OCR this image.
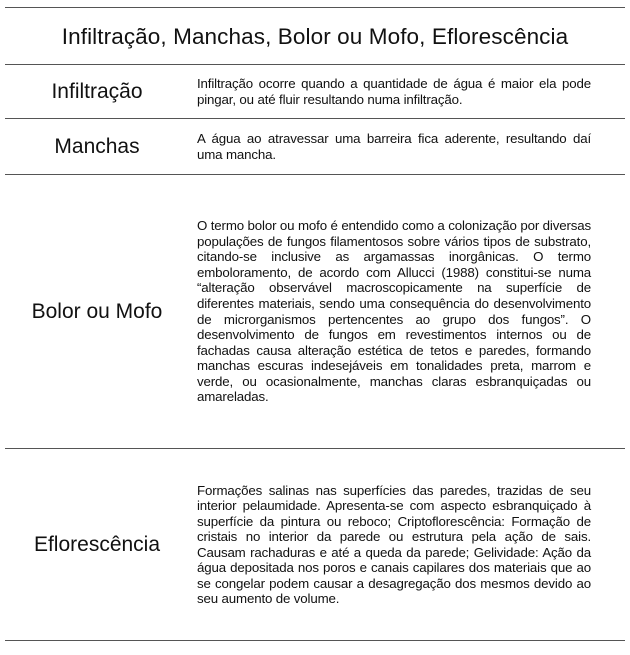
Infiltração, Manchas, Bolor ou Mofo, Eflorescência
Infiltração	Infiltração ocorre quando a quantidade de água é maior ela pode pingar, ou até fluir resultando numa infiltração.
Manchas	A água ao atravessar uma barreira fica aderente, resultando daí uma mancha.
Bolor ou Mofo
O termo bolor ou mofo é entendido como a colonização por diversas populações de fungos filamentosos sobre vários tipos de substrato, citando-se inclusive as argamassas inorgânicas. O termo emboloramento, de acordo com Allucci (1988) constitui-se numa “alteração observável macroscopicamente na superfície de diferentes materiais, sendo uma consequência do desenvolvimento de microrganismos pertencentes ao grupo dos fungos”. O desenvolvimento de fungos em revestimentos internos ou de fachadas causa alteração estética de tetos e paredes, formando manchas escuras indesejáveis em tonalidades preta, marrom e verde, ou ocasionalmente, manchas claras esbranquiçadas ou amareladas.
Eflorescência
Formações salinas nas superfícies das paredes, trazidas de seu interior pelaumidade. Apresenta-se com aspecto esbranquiçado à superfície da pintura ou reboco; Criptoflorescência: Formação de cristais no interior da parede ou estrutura pela ação de sais. Causam rachaduras e até a queda da parede; Gelividade: Ação da água depositada nos poros e canais capilares dos materiais que ao se congelar podem causar a desagregação dos mesmos devido ao seu aumento de volume.
